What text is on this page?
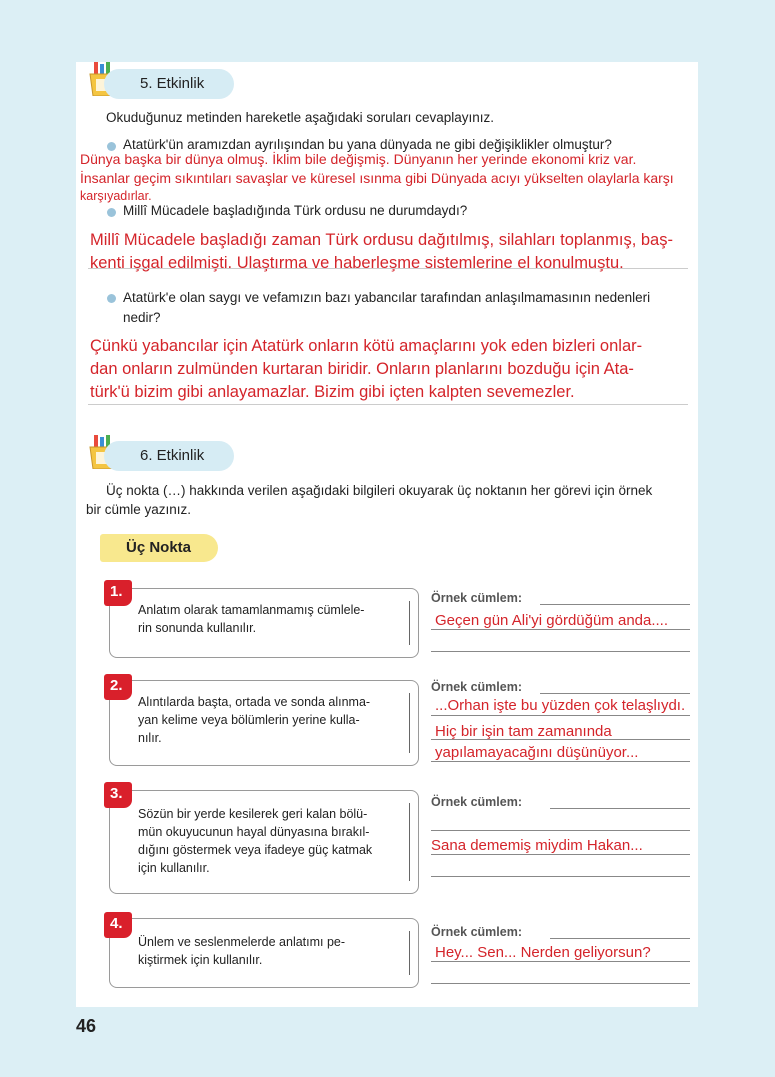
5. Etkinlik
Okuduğunuz metinden hareketle aşağıdaki soruları cevaplayınız.
Atatürk'ün aramızdan ayrılışından bu yana dünyada ne gibi değişiklikler olmuştur?
Dünya başka bir dünya olmuş. İklim bile değişmiş. Dünyanın her yerinde ekonomi kriz var.
İnsanlar geçim sıkıntıları savaşlar ve küresel ısınma gibi Dünyada acıyı yükselten olaylarla karşı
karşıyadırlar.
Millî Mücadele başladığında Türk ordusu ne durumdaydı?
Millî Mücadele başladığı zaman Türk ordusu dağıtılmış, silahları toplanmış, baş-
kenti işgal edilmişti. Ulaştırma ve haberleşme sistemlerine el konulmuştu.
Atatürk'e olan saygı ve vefamızın bazı yabancılar tarafından anlaşılmamasının nedenleri
nedir?
Çünkü yabancılar için Atatürk onların kötü amaçlarını yok eden bizleri onlar-
dan onların zulmünden kurtaran biridir. Onların planlarını bozduğu için Ata-
türk'ü bizim gibi anlayamazlar. Bizim gibi içten kalpten sevemezler.
6. Etkinlik
Üç nokta (…) hakkında verilen aşağıdaki bilgileri okuyarak üç noktanın her görevi için örnek
bir cümle yazınız.
Üç Nokta
Anlatım olarak tamamlanmamış cümlele-
rin sonunda kullanılır.
1.	Örnek cümlem:
Geçen gün Ali'yi gördüğüm anda....
Alıntılarda başta, ortada ve sonda alınma-
yan kelime veya bölümlerin yerine kulla-
nılır.
2.	Örnek cümlem:
...Orhan işte bu yüzden çok telaşlıydı.
Hiç bir işin tam zamanında
yapılamayacağını düşünüyor...
Sözün bir yerde kesilerek geri kalan bölü-
mün okuyucunun hayal dünyasına bırakıl-
dığını göstermek veya ifadeye güç katmak
için kullanılır.
3.	Örnek cümlem:
Sana dememiş miydim Hakan...
Ünlem ve seslenmelerde anlatımı pe-
kiştirmek için kullanılır.
4.	Örnek cümlem:
Hey... Sen... Nerden geliyorsun?
46
